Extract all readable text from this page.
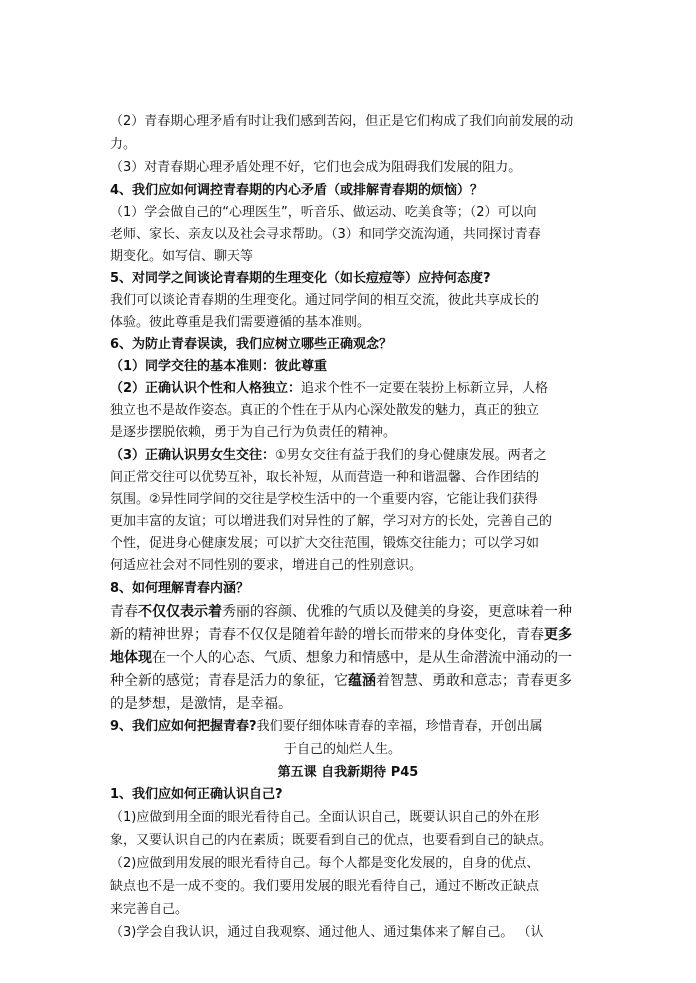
（2）青春期心理矛盾有时让我们感到苦闷，但正是它们构成了我们向前发展的动
力。
（3）对青春期心理矛盾处理不好，它们也会成为阻碍我们发展的阻力。
4、我们应如何调控青春期的内心矛盾（或排解青春期的烦恼）？
（1）学会做自己的“心理医生”，听音乐、做运动、吃美食等；（2）可以向
老师、家长、亲友以及社会寻求帮助。（3）和同学交流沟通，共同探讨青春
期变化。如写信、聊天等
5、对同学之间谈论青春期的生理变化（如长痘痘等）应持何态度?
我们可以谈论青春期的生理变化。通过同学间的相互交流，彼此共享成长的
体验。彼此尊重是我们需要遵循的基本准则。
6、为防止青春误读，我们应树立哪些正确观念？
（1）同学交往的基本准则：彼此尊重
（2）正确认识个性和人格独立：追求个性不一定要在装扮上标新立异，人格
独立也不是故作姿态。真正的个性在于从内心深处散发的魅力，真正的独立
是逐步摆脱依赖，勇于为自己行为负责任的精神。
（3）正确认识男女生交往：①男女交往有益于我们的身心健康发展。两者之
间正常交往可以优势互补，取长补短，从而营造一种和谐温馨、合作团结的
氛围。②异性同学间的交往是学校生活中的一个重要内容，它能让我们获得
更加丰富的友谊；可以增进我们对异性的了解，学习对方的长处，完善自己的
个性，促进身心健康发展；可以扩大交往范围，锻炼交往能力；可以学习如
何适应社会对不同性别的要求，增进自己的性别意识。
8、如何理解青春内涵？
青春不仅仅表示着秀丽的容颜、优雅的气质以及健美的身姿，更意味着一种
新的精神世界；青春不仅仅是随着年龄的增长而带来的身体变化，青春更多
地体现在一个人的心态、气质、想象力和情感中，是从生命潜流中涌动的一
种全新的感觉；青春是活力的象征，它蕴涵着智慧、勇敢和意志；青春更多
的是梦想，是激情，是幸福。
9、我们应如何把握青春?我们要仔细体味青春的幸福，珍惜青春，开创出属
于自己的灿烂人生。
第五课 自我新期待 P45
1、我们应如何正确认识自己?
（1)应做到用全面的眼光看待自己。全面认识自己，既要认识自己的外在形
象，又要认识自己的内在素质；既要看到自己的优点，也要看到自己的缺点。
（2)应做到用发展的眼光看待自己。每个人都是变化发展的，自身的优点、
缺点也不是一成不变的。我们要用发展的眼光看待自己，通过不断改正缺点
来完善自己。
（3)学会自我认识，通过自我观察、通过他人、通过集体来了解自己。 （认
